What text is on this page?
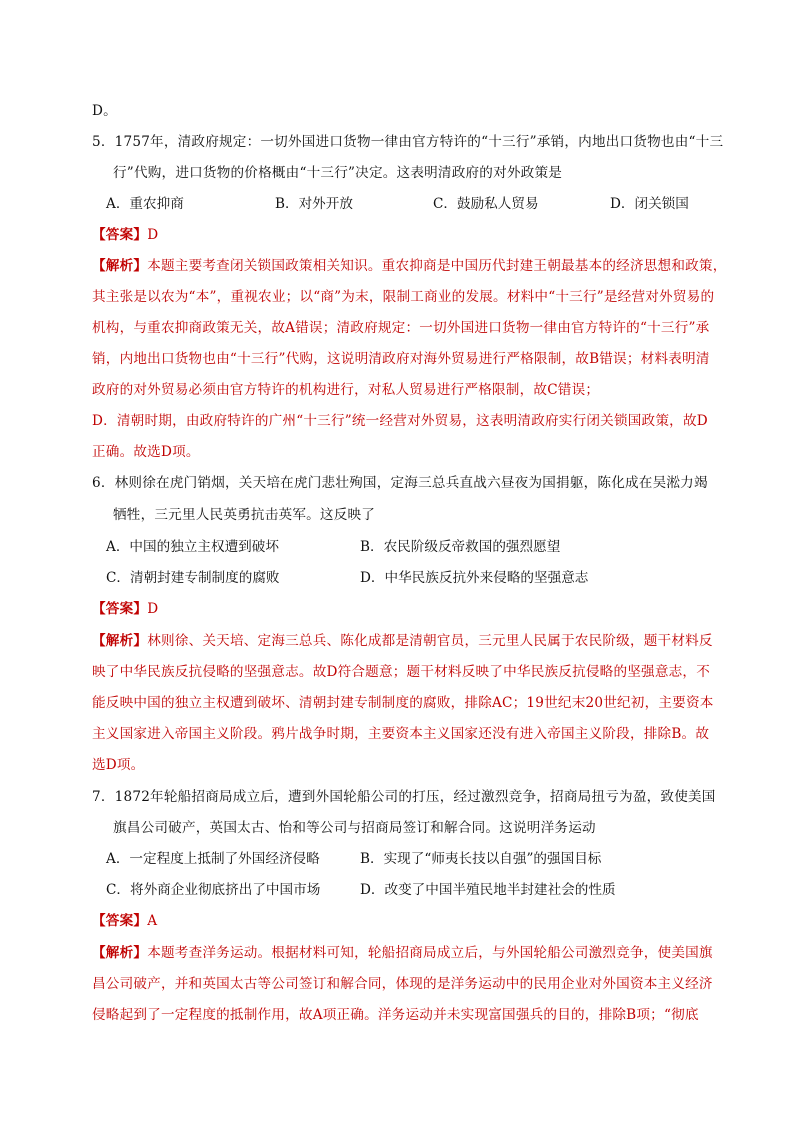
D。
5．1757年，清政府规定：一切外国进口货物一律由官方特许的“十三行”承销，内地出口货物也由“十三
行”代购，进口货物的价格概由“十三行”决定。这表明清政府的对外政策是
A．重农抑商	B．对外开放	C．鼓励私人贸易	D．闭关锁国
【答案】D
【解析】本题主要考查闭关锁国政策相关知识。重农抑商是中国历代封建王朝最基本的经济思想和政策，
其主张是以农为“本”，重视农业；以“商”为末，限制工商业的发展。材料中“十三行”是经营对外贸易的
机构，与重农抑商政策无关，故A错误；清政府规定：一切外国进口货物一律由官方特许的“十三行”承
销，内地出口货物也由“十三行”代购，这说明清政府对海外贸易进行严格限制，故B错误；材料表明清
政府的对外贸易必须由官方特许的机构进行，对私人贸易进行严格限制，故C错误；
D．清朝时期，由政府特许的广州“十三行”统一经营对外贸易，这表明清政府实行闭关锁国政策，故D
正确。故选D项。
6．林则徐在虎门销烟，关天培在虎门悲壮殉国，定海三总兵直战六昼夜为国捐躯，陈化成在吴淞力竭
牺牲，三元里人民英勇抗击英军。这反映了
A．中国的独立主权遭到破坏	B．农民阶级反帝救国的强烈愿望
C．清朝封建专制制度的腐败	D．中华民族反抗外来侵略的坚强意志
【答案】D
【解析】林则徐、关天培、定海三总兵、陈化成都是清朝官员，三元里人民属于农民阶级，题干材料反
映了中华民族反抗侵略的坚强意志。故D符合题意；题干材料反映了中华民族反抗侵略的坚强意志，不
能反映中国的独立主权遭到破坏、清朝封建专制制度的腐败，排除AC；19世纪末20世纪初，主要资本
主义国家进入帝国主义阶段。鸦片战争时期，主要资本主义国家还没有进入帝国主义阶段，排除B。故
选D项。
7．1872年轮船招商局成立后，遭到外国轮船公司的打压，经过激烈竞争，招商局扭亏为盈，致使美国
旗昌公司破产，英国太古、怡和等公司与招商局签订和解合同。这说明洋务运动
A．一定程度上抵制了外国经济侵略	B．实现了“师夷长技以自强”的强国目标
C．将外商企业彻底挤出了中国市场	D．改变了中国半殖民地半封建社会的性质
【答案】A
【解析】本题考查洋务运动。根据材料可知，轮船招商局成立后，与外国轮船公司激烈竞争，使美国旗
昌公司破产，并和英国太古等公司签订和解合同，体现的是洋务运动中的民用企业对外国资本主义经济
侵略起到了一定程度的抵制作用，故A项正确。洋务运动并未实现富国强兵的目的，排除B项；“彻底
